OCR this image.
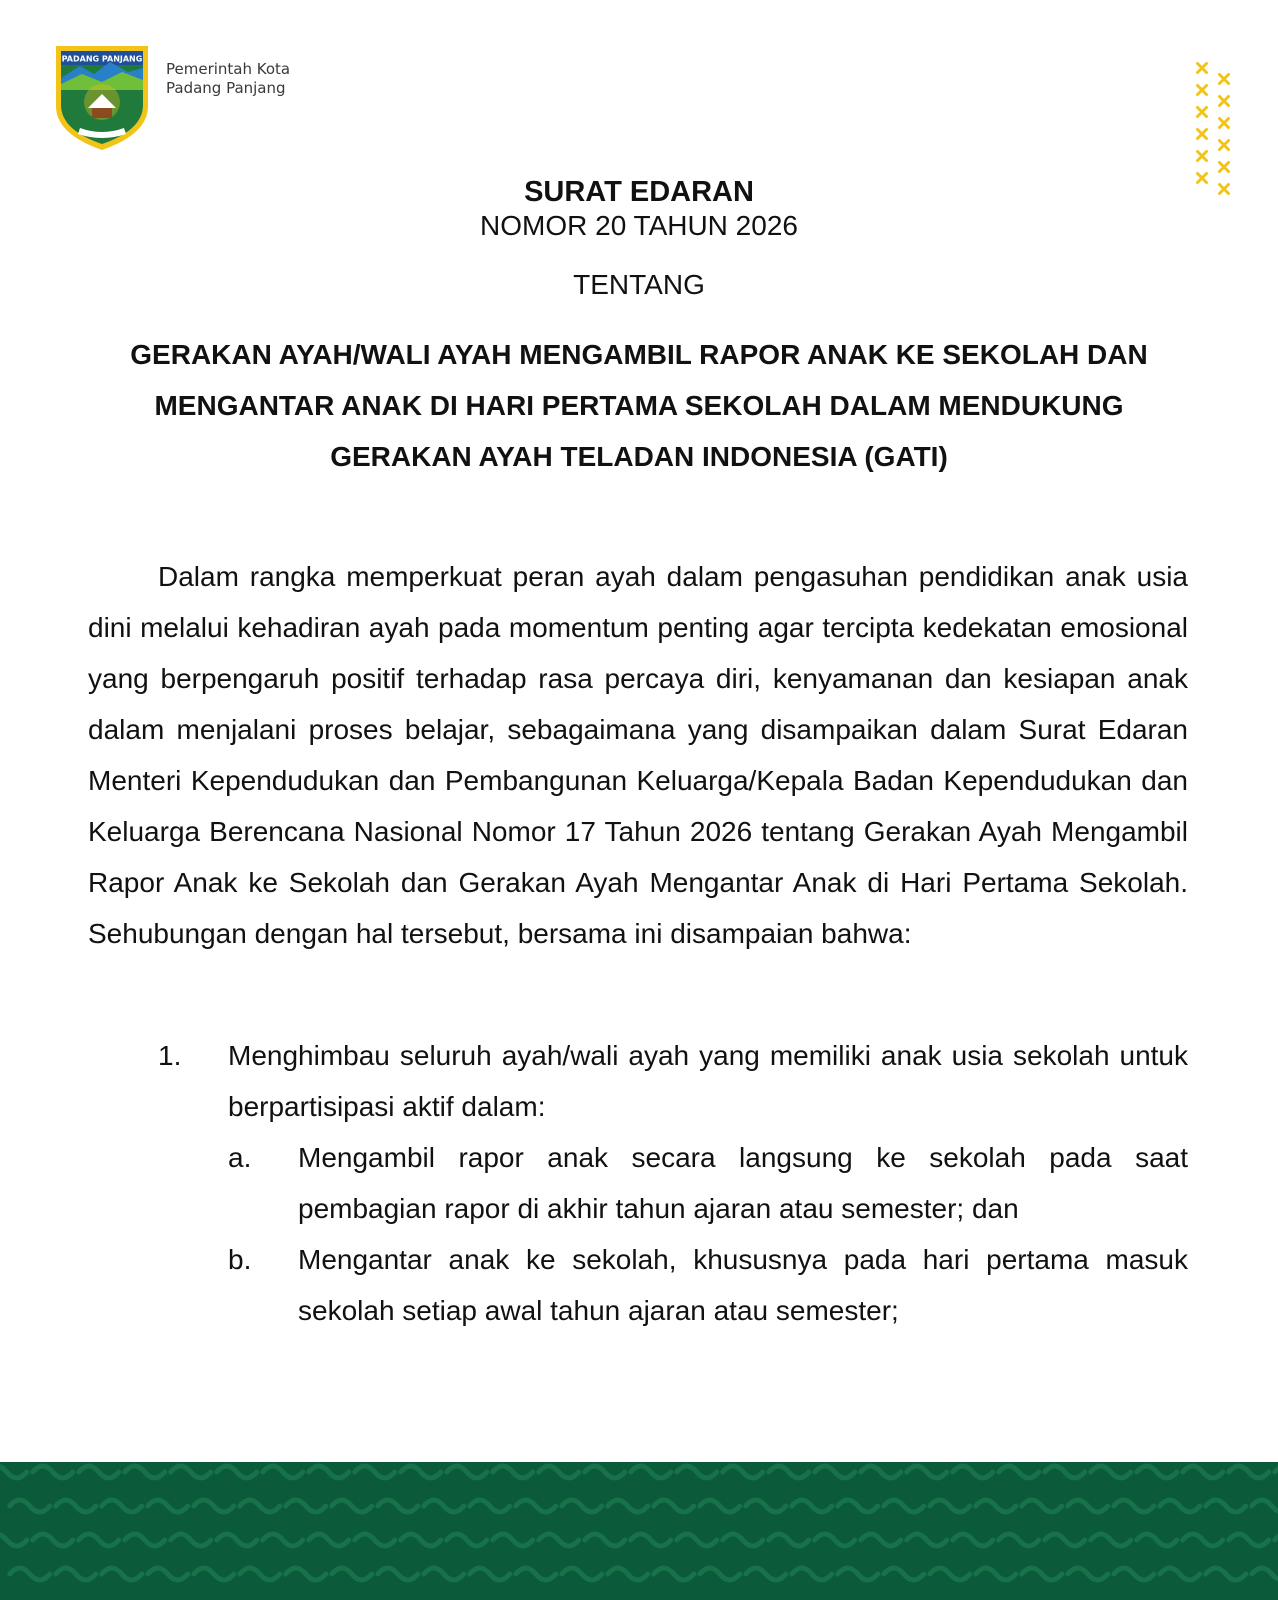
PADANG PANJANG
Pemerintah Kota
Padang Panjang
SURAT EDARAN
NOMOR 20 TAHUN 2026
TENTANG
GERAKAN AYAH/WALI AYAH MENGAMBIL RAPOR ANAK KE SEKOLAH DAN MENGANTAR ANAK DI HARI PERTAMA SEKOLAH DALAM MENDUKUNG GERAKAN AYAH TELADAN INDONESIA (GATI)

Dalam rangka memperkuat peran ayah dalam pengasuhan pendidikan anak usia dini melalui kehadiran ayah pada momentum penting agar tercipta kedekatan emosional yang berpengaruh positif terhadap rasa percaya diri, kenyamanan dan kesiapan anak dalam menjalani proses belajar, sebagaimana yang disampaikan dalam Surat Edaran Menteri Kependudukan dan Pembangunan Keluarga/Kepala Badan Kependudukan dan Keluarga Berencana Nasional Nomor 17 Tahun 2026 tentang Gerakan Ayah Mengambil Rapor Anak ke Sekolah dan Gerakan Ayah Mengantar Anak di Hari Pertama Sekolah. Sehubungan dengan hal tersebut, bersama ini disampaian bahwa:

1.	Menghimbau seluruh ayah/wali ayah yang memiliki anak usia sekolah untuk berpartisipasi aktif dalam:
a.	Mengambil rapor anak secara langsung ke sekolah pada saat pembagian rapor di akhir tahun ajaran atau semester; dan
b.	Mengantar anak ke sekolah, khususnya pada hari pertama masuk sekolah setiap awal tahun ajaran atau semester;
